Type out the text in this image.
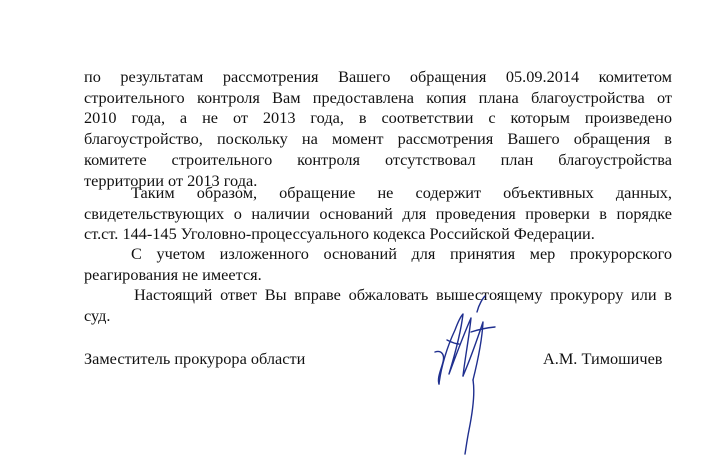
по результатам рассмотрения Вашего обращения 05.09.2014 комитетом
строительного контроля Вам предоставлена копия плана благоустройства от
2010 года, а не от 2013 года, в соответствии с которым произведено
благоустройство, поскольку на момент рассмотрения Вашего обращения в
комитете строительного контроля отсутствовал план благоустройства
территории от 2013 года.
Таким образом, обращение не содержит объективных данных,
свидетельствующих о наличии оснований для проведения проверки в порядке
ст.ст. 144-145 Уголовно-процессуального кодекса Российской Федерации.
С учетом изложенного оснований для принятия мер прокурорского
реагирования не имеется.
Настоящий ответ Вы вправе обжаловать вышестоящему прокурору или в
суд.
Заместитель прокурора области	А.М. Тимошичев
